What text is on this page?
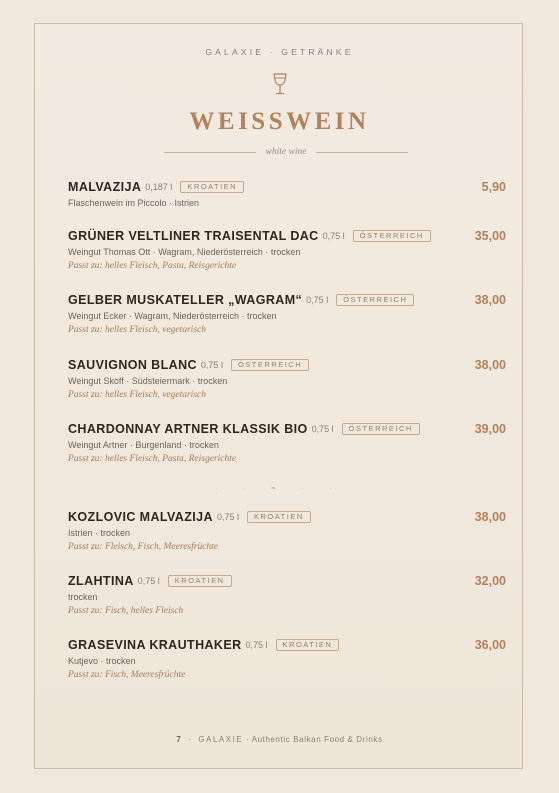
GALAXIE · GETRÄNKE
WEISSWEIN
white wine
MALVAZIJA 0,187 l	KROATIEN	5,90
Flaschenwein im Piccolo · Istrien
GRÜNER VELTLINER TRAISENTAL DAC 0,75 l	ÖSTERREICH	35,00
Weingut Thomas Ott · Wagram, Niederösterreich · trocken
Passt zu: helles Fleisch, Pasta, Reisgerichte
GELBER MUSKATELLER „WAGRAM“ 0,75 l	ÖSTERREICH	38,00
Weingut Ecker · Wagram, Niederösterreich · trocken
Passt zu: helles Fleisch, vegetarisch
SAUVIGNON BLANC 0,75 l	ÖSTERREICH	38,00
Weingut Skoff · Südsteiermark · trocken
Passt zu: helles Fleisch, vegetarisch
CHARDONNAY ARTNER KLASSIK BIO 0,75 l	ÖSTERREICH	39,00
Weingut Artner · Burgenland · trocken
Passt zu: helles Fleisch, Pasta, Reisgerichte
· · ❧ · ·
KOZLOVIC MALVAZIJA 0,75 l	KROATIEN	38,00
Istrien · trocken
Passt zu: Fleisch, Fisch, Meeresfrüchte
ZLAHTINA 0,75 l	KROATIEN	32,00
trocken
Passt zu: Fisch, helles Fleisch
GRASEVINA KRAUTHAKER 0,75 l	KROATIEN	36,00
Kutjevo · trocken
Passt zu: Fisch, Meeresfrüchte
7 · GALAXIE · Authentic Balkan Food & Drinks
